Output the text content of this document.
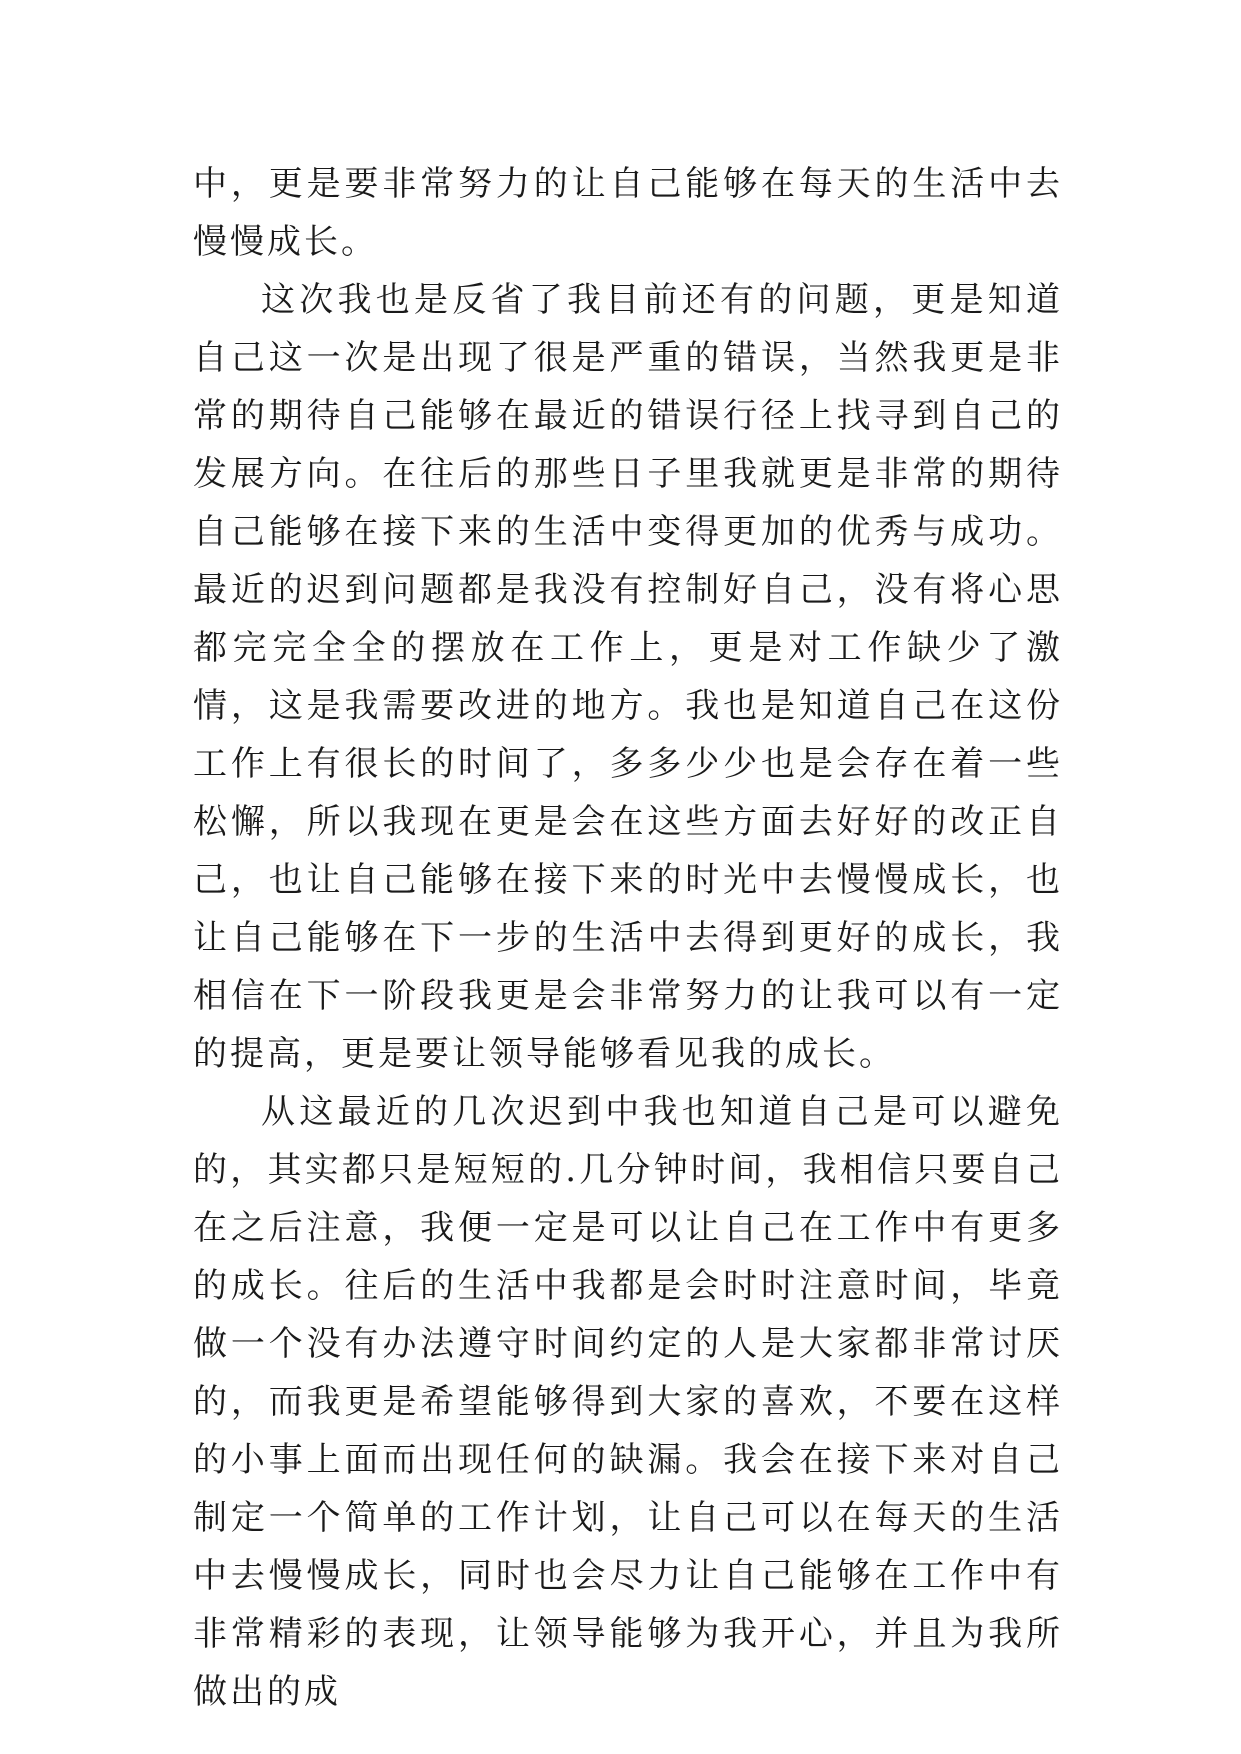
中，更是要非常努力的让自己能够在每天的生活中去慢慢成长。

这次我也是反省了我目前还有的问题，更是知道自己这一次是出现了很是严重的错误，当然我更是非常的期待自己能够在最近的错误行径上找寻到自己的发展方向。在往后的那些日子里我就更是非常的期待自己能够在接下来的生活中变得更加的优秀与成功。最近的迟到问题都是我没有控制好自己，没有将心思都完完全全的摆放在工作上，更是对工作缺少了激情，这是我需要改进的地方。我也是知道自己在这份工作上有很长的时间了，多多少少也是会存在着一些松懈，所以我现在更是会在这些方面去好好的改正自己，也让自己能够在接下来的时光中去慢慢成长，也让自己能够在下一步的生活中去得到更好的成长，我相信在下一阶段我更是会非常努力的让我可以有一定的提高，更是要让领导能够看见我的成长。

从这最近的几次迟到中我也知道自己是可以避免的，其实都只是短短的.几分钟时间，我相信只要自己在之后注意，我便一定是可以让自己在工作中有更多的成长。往后的生活中我都是会时时注意时间，毕竟做一个没有办法遵守时间约定的人是大家都非常讨厌的，而我更是希望能够得到大家的喜欢，不要在这样的小事上面而出现任何的缺漏。我会在接下来对自己制定一个简单的工作计划，让自己可以在每天的生活中去慢慢成长，同时也会尽力让自己能够在工作中有非常精彩的表现，让领导能够为我开心，并且为我所做出的成
